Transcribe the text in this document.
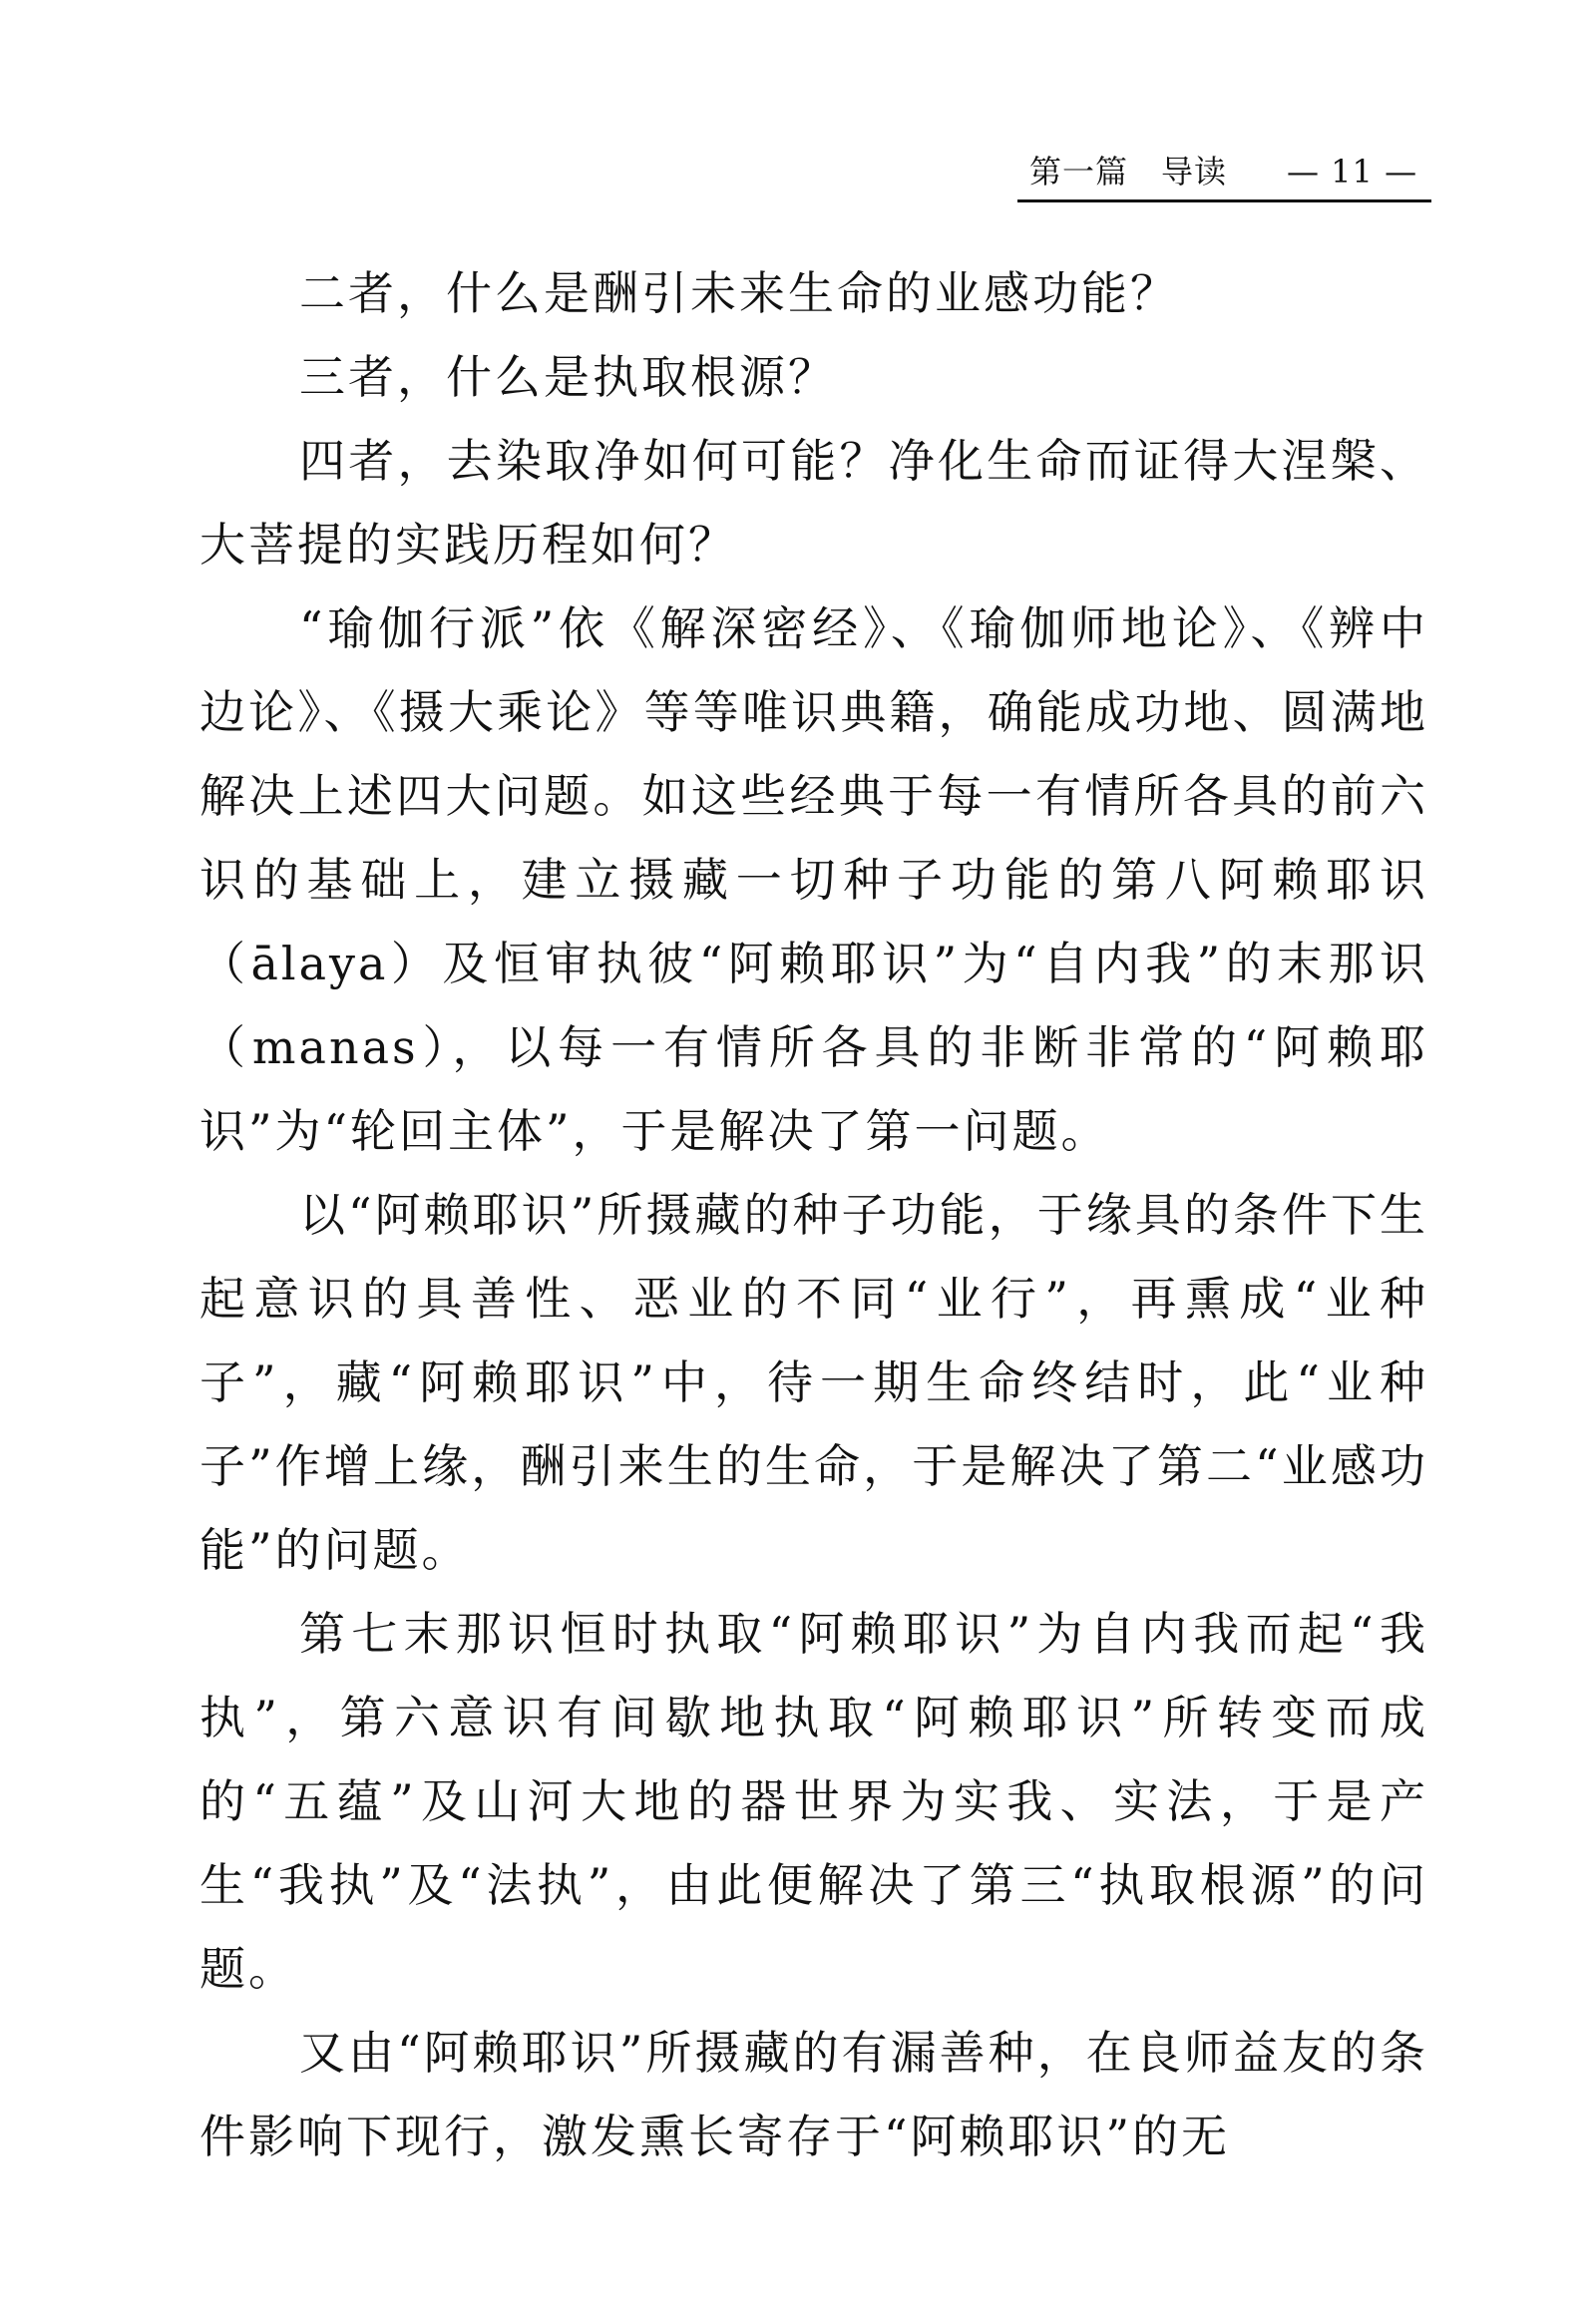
第一篇　导读 — 11 —

二者，什么是酬引未来生命的业感功能？

三者，什么是执取根源？

四者，去染取净如何可能？净化生命而证得大涅槃、大菩提的实践历程如何？

“瑜伽行派”依《解深密经》、《瑜伽师地论》、《辨中边论》、《摄大乘论》等等唯识典籍，确能成功地、圆满地解决上述四大问题。如这些经典于每一有情所各具的前六识的基础上，建立摄藏一切种子功能的第八阿赖耶识（ālaya）及恒审执彼“阿赖耶识”为“自内我”的末那识（manas），以每一有情所各具的非断非常的“阿赖耶识”为“轮回主体”，于是解决了第一问题。

以“阿赖耶识”所摄藏的种子功能，于缘具的条件下生起意识的具善性、恶业的不同“业行”，再熏成“业种子”，藏“阿赖耶识”中，待一期生命终结时，此“业种子”作增上缘，酬引来生的生命，于是解决了第二“业感功能”的问题。

第七末那识恒时执取“阿赖耶识”为自内我而起“我执”，第六意识有间歇地执取“阿赖耶识”所转变而成的“五蕴”及山河大地的器世界为实我、实法，于是产生“我执”及“法执”，由此便解决了第三“执取根源”的问题。

又由“阿赖耶识”所摄藏的有漏善种，在良师益友的条件影响下现行，激发熏长寄存于“阿赖耶识”的无
